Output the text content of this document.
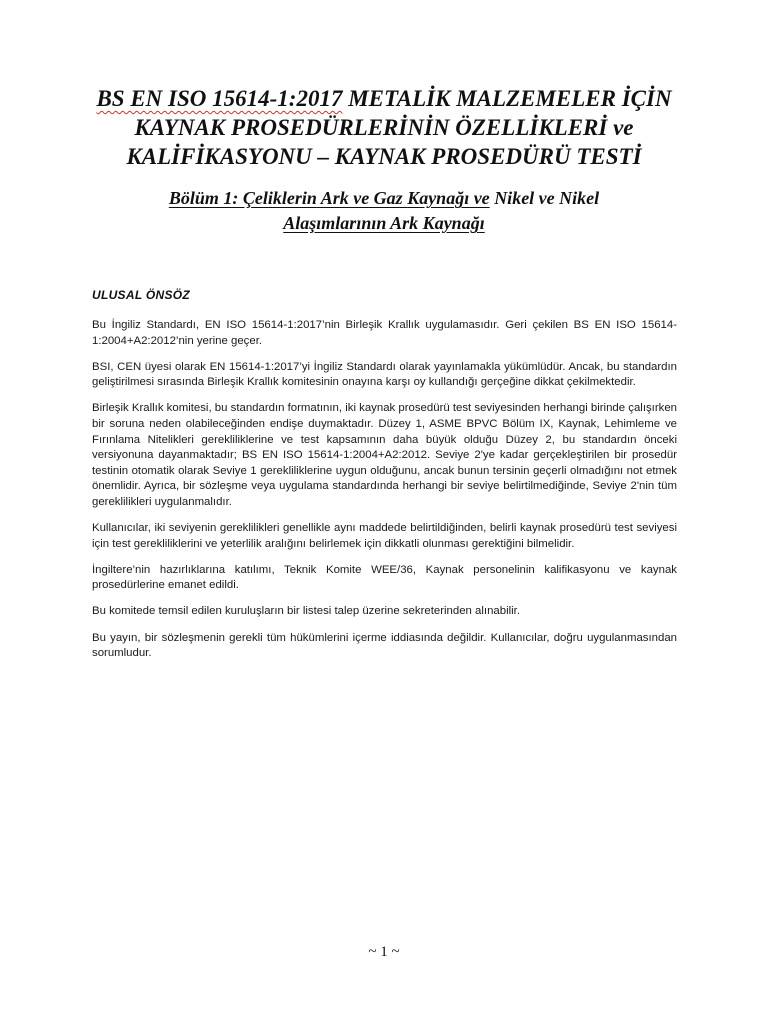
BS EN ISO 15614-1:2017 METALİK MALZEMELER İÇİN
KAYNAK PROSEDÜRLERİNİN ÖZELLİKLERİ ve
KALİFİKASYONU – KAYNAK PROSEDÜRÜ TESTİ
Bölüm 1: Çeliklerin Ark ve Gaz Kaynağı ve Nikel ve Nikel
Alaşımlarının Ark Kaynağı
ULUSAL ÖNSÖZ

Bu İngiliz Standardı, EN ISO 15614-1:2017’nin Birleşik Krallık uygulamasıdır. Geri çekilen BS EN ISO 15614-1:2004+A2:2012’nin yerine geçer.

BSI, CEN üyesi olarak EN 15614-1:2017’yi İngiliz Standardı olarak yayınlamakla yükümlüdür. Ancak, bu standardın geliştirilmesi sırasında Birleşik Krallık komitesinin onayına karşı oy kullandığı gerçeğine dikkat çekilmektedir.

Birleşik Krallık komitesi, bu standardın formatının, iki kaynak prosedürü test seviyesinden herhangi birinde çalışırken bir soruna neden olabileceğinden endişe duymaktadır. Düzey 1, ASME BPVC Bölüm IX, Kaynak, Lehimleme ve Fırınlama Nitelikleri gerekliliklerine ve test kapsamının daha büyük olduğu Düzey 2, bu standardın önceki versiyonuna dayanmaktadır; BS EN ISO 15614-1:2004+A2:2012. Seviye 2'ye kadar gerçekleştirilen bir prosedür testinin otomatik olarak Seviye 1 gerekliliklerine uygun olduğunu, ancak bunun tersinin geçerli olmadığını not etmek önemlidir. Ayrıca, bir sözleşme veya uygulama standardında herhangi bir seviye belirtilmediğinde, Seviye 2'nin tüm gereklilikleri uygulanmalıdır.

Kullanıcılar, iki seviyenin gereklilikleri genellikle aynı maddede belirtildiğinden, belirli kaynak prosedürü test seviyesi için test gerekliliklerini ve yeterlilik aralığını belirlemek için dikkatli olunması gerektiğini bilmelidir.

İngiltere’nin hazırlıklarına katılımı, Teknik Komite WEE/36, Kaynak personelinin kalifikasyonu ve kaynak prosedürlerine emanet edildi.

Bu komitede temsil edilen kuruluşların bir listesi talep üzerine sekreterinden alınabilir.

Bu yayın, bir sözleşmenin gerekli tüm hükümlerini içerme iddiasında değildir. Kullanıcılar, doğru uygulanmasından sorumludur.

~ 1 ~
